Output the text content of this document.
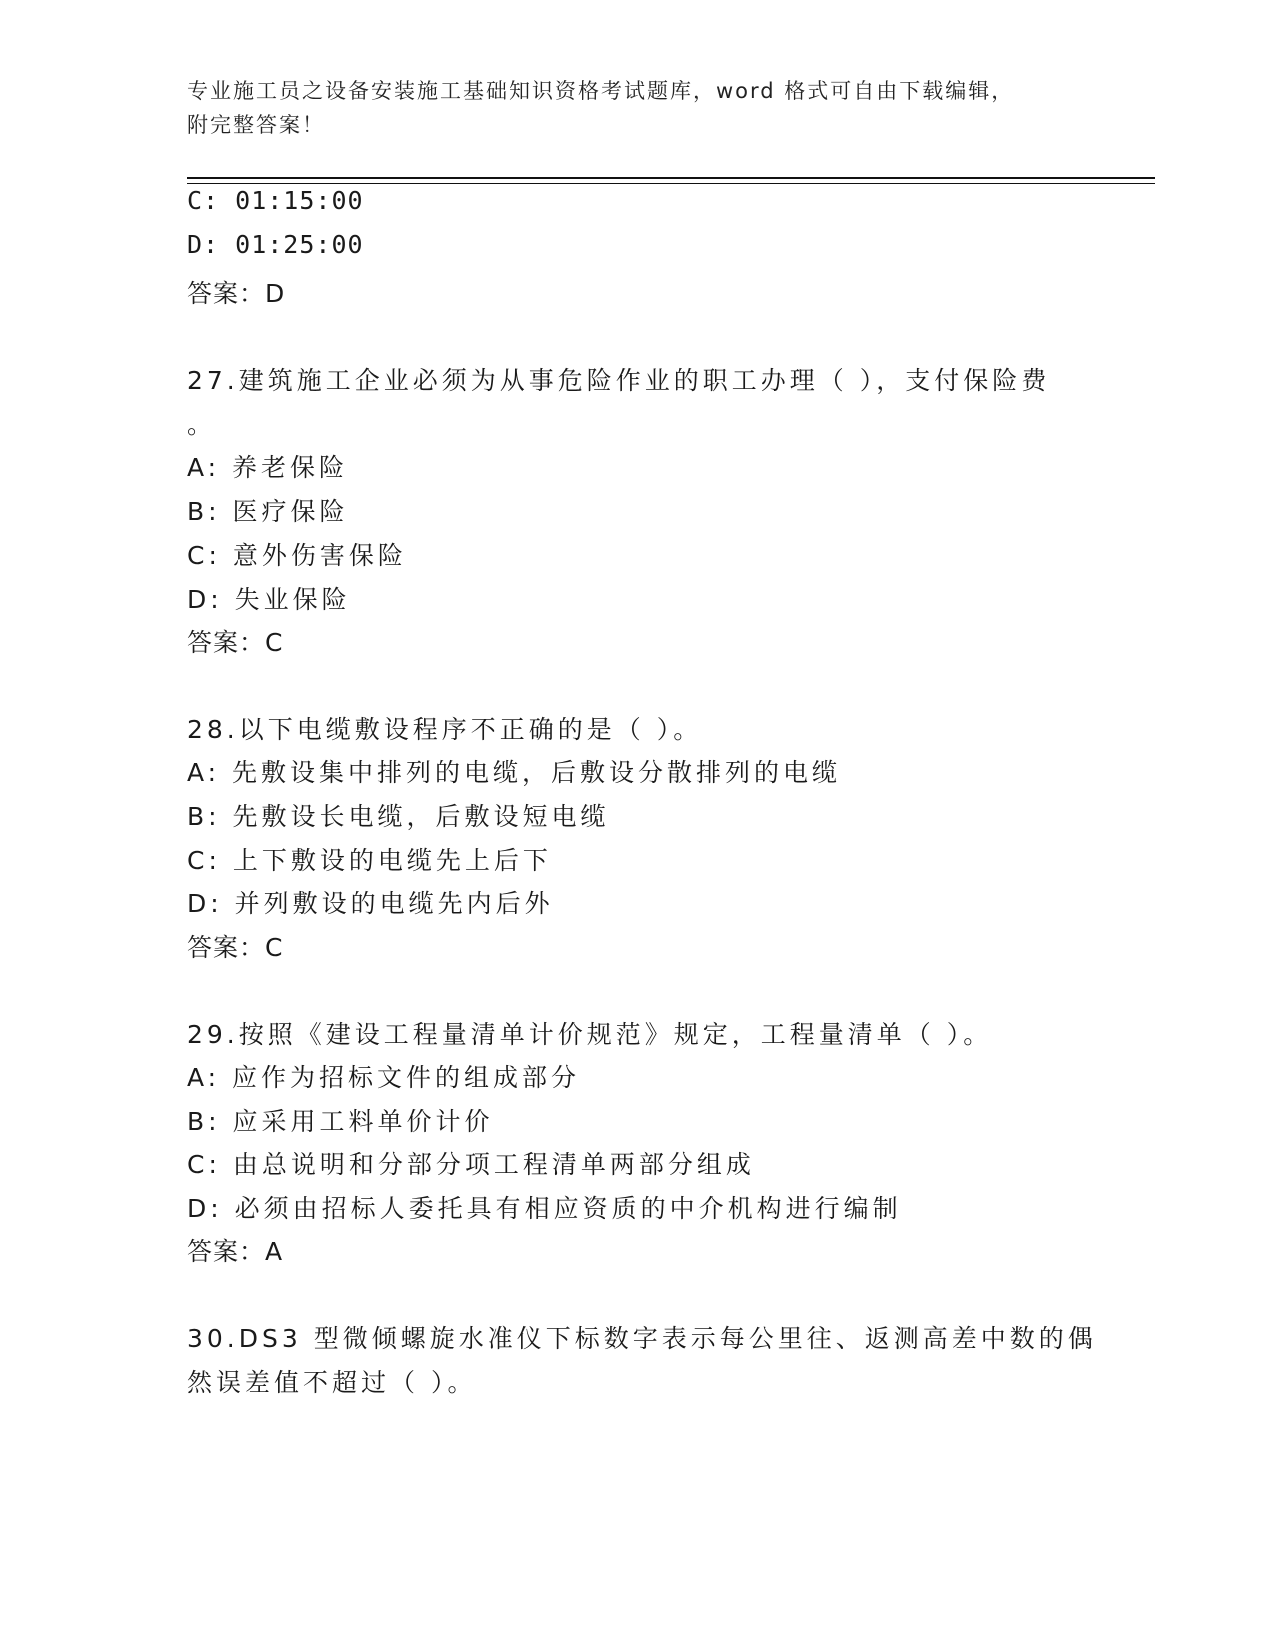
专业施工员之设备安装施工基础知识资格考试题库，word 格式可自由下载编辑，
附完整答案！
C: 01:15:00
D: 01:25:00
答案：D
27.建筑施工企业必须为从事危险作业的职工办理（ ），支付保险费
。
A: 养老保险
B: 医疗保险
C: 意外伤害保险
D: 失业保险
答案：C
28.以下电缆敷设程序不正确的是（ ）。
A: 先敷设集中排列的电缆，后敷设分散排列的电缆
B: 先敷设长电缆，后敷设短电缆
C: 上下敷设的电缆先上后下
D: 并列敷设的电缆先内后外
答案：C
29.按照《建设工程量清单计价规范》规定，工程量清单（ ）。
A: 应作为招标文件的组成部分
B: 应采用工料单价计价
C: 由总说明和分部分项工程清单两部分组成
D: 必须由招标人委托具有相应资质的中介机构进行编制
答案：A
30.DS3 型微倾螺旋水准仪下标数字表示每公里往、返测高差中数的偶
然误差值不超过（ ）。
